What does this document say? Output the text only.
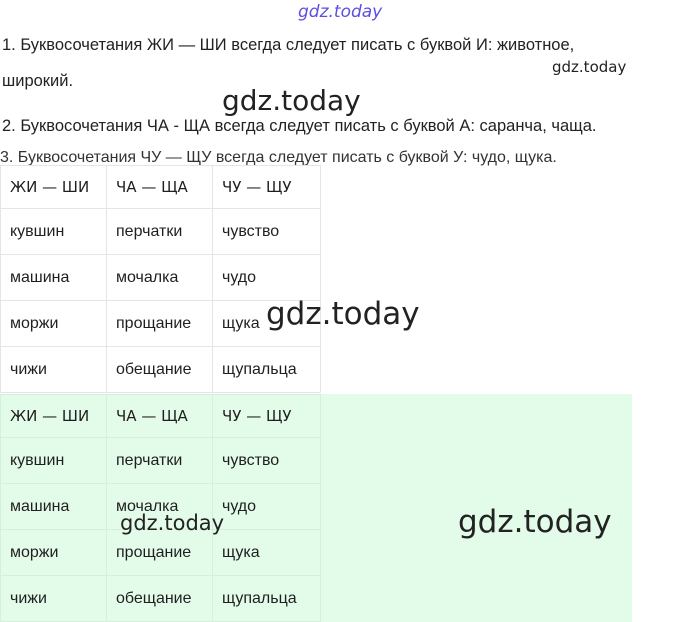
gdz.today
1. Буквосочетания ЖИ — ШИ всегда следует писать с буквой И: животное,
gdz.today
широкий.
gdz.today
2. Буквосочетания ЧА - ЩА всегда следует писать с буквой А: саранча, чаща.
3. Буквосочетания ЧУ — ЩУ всегда следует писать с буквой У: чудо, щука.
ЖИ — ШИ	ЧА — ЩА	ЧУ — ЩУ
кувшин	перчатки	чувство
машина	мочалка	чудо
моржи	прощание	щука
чижи	обещание	щупальца
gdz.today
ЖИ — ШИ	ЧА — ЩА	ЧУ — ЩУ
кувшин	перчатки	чувство
машина	мочалка	чудо
моржи	прощание	щука
чижи	обещание	щупальца
gdz.today	gdz.today
